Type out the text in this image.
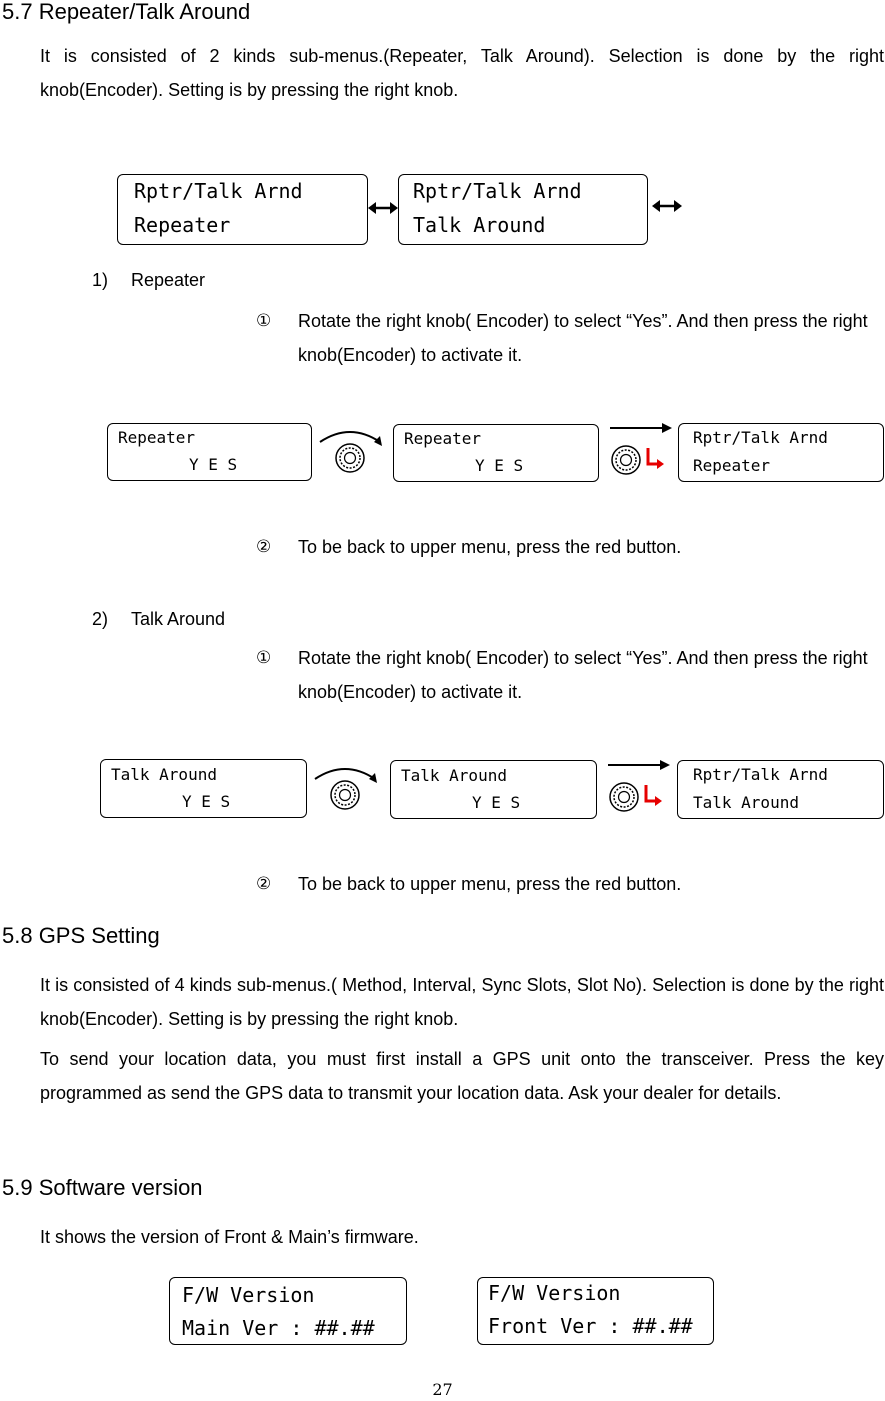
5.7 Repeater/Talk Around
It is consisted of 2 kinds sub-menus.(Repeater, Talk Around). Selection is done by the right knob(Encoder). Setting is by pressing the right knob.
Rptr/Talk Arnd
Repeater
Rptr/Talk Arnd
Talk Around
1) Repeater
① Rotate the right knob( Encoder) to select “Yes”. And then press the right knob(Encoder) to activate it.
Repeater
Y E S
Repeater
Y E S
Rptr/Talk Arnd
Repeater
② To be back to upper menu, press the red button.
2) Talk Around
① Rotate the right knob( Encoder) to select “Yes”. And then press the right knob(Encoder) to activate it.
Talk Around
Y E S
Talk Around
Y E S
Rptr/Talk Arnd
Talk Around
② To be back to upper menu, press the red button.
5.8 GPS Setting
It is consisted of 4 kinds sub-menus.( Method, Interval, Sync Slots, Slot No). Selection is done by the right knob(Encoder). Setting is by pressing the right knob.
To send your location data, you must first install a GPS unit onto the transceiver. Press the key programmed as send the GPS data to transmit your location data. Ask your dealer for details.
5.9 Software version
It shows the version of Front & Main’s firmware.
F/W Version
Main Ver : ##.##
F/W Version
Front Ver : ##.##
27
